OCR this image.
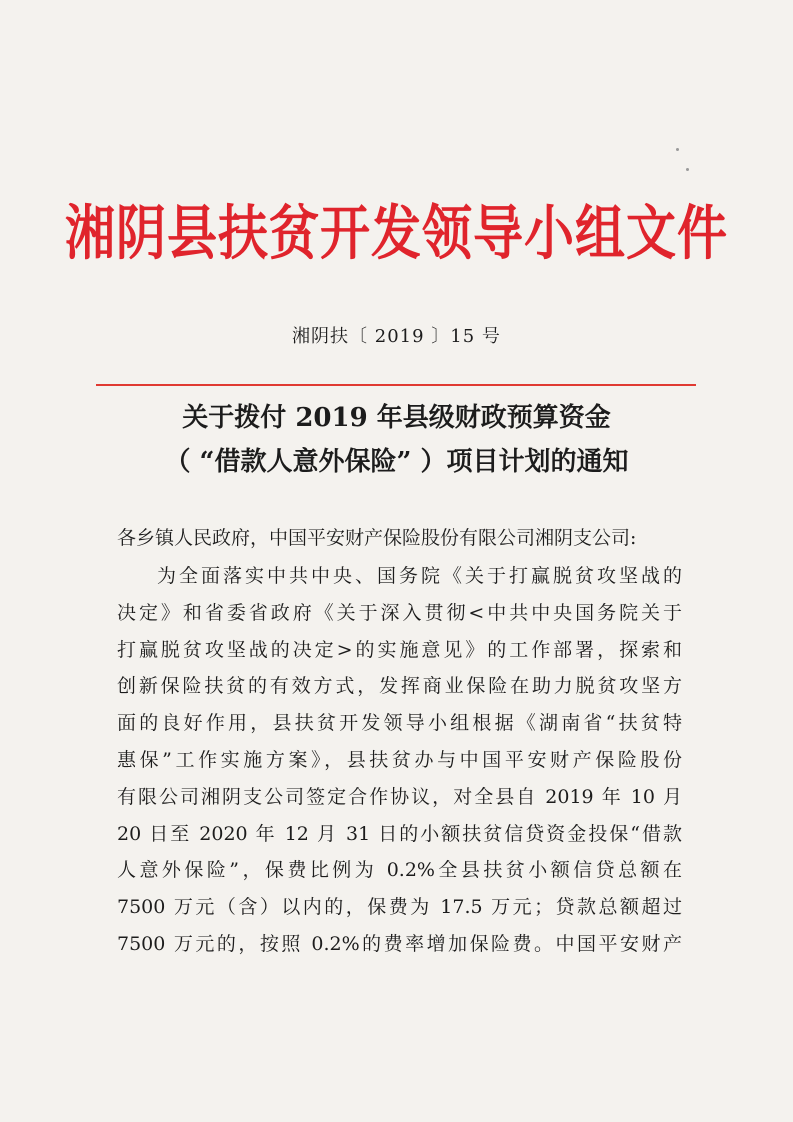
湘阴县扶贫开发领导小组文件
湘阴扶〔 2019 〕15 号
关于拨付 2019 年县级财政预算资金
（ “借款人意外保险” ）项目计划的通知
各乡镇人民政府，中国平安财产保险股份有限公司湘阴支公司:
为全面落实中共中央、国务院《关于打赢脱贫攻坚战的
决定》和省委省政府《关于深入贯彻<中共中央国务院关于
打赢脱贫攻坚战的决定>的实施意见》的工作部署，探索和
创新保险扶贫的有效方式，发挥商业保险在助力脱贫攻坚方
面的良好作用，县扶贫开发领导小组根据《湖南省“扶贫特
惠保”工作实施方案》，县扶贫办与中国平安财产保险股份
有限公司湘阴支公司签定合作协议，对全县自 2019 年 10 月
20 日至 2020 年 12 月 31 日的小额扶贫信贷资金投保“借款
人意外保险”，保费比例为 0.2%全县扶贫小额信贷总额在
7500 万元（含）以内的，保费为 17.5 万元；贷款总额超过
7500 万元的，按照 0.2%的费率增加保险费。中国平安财产
